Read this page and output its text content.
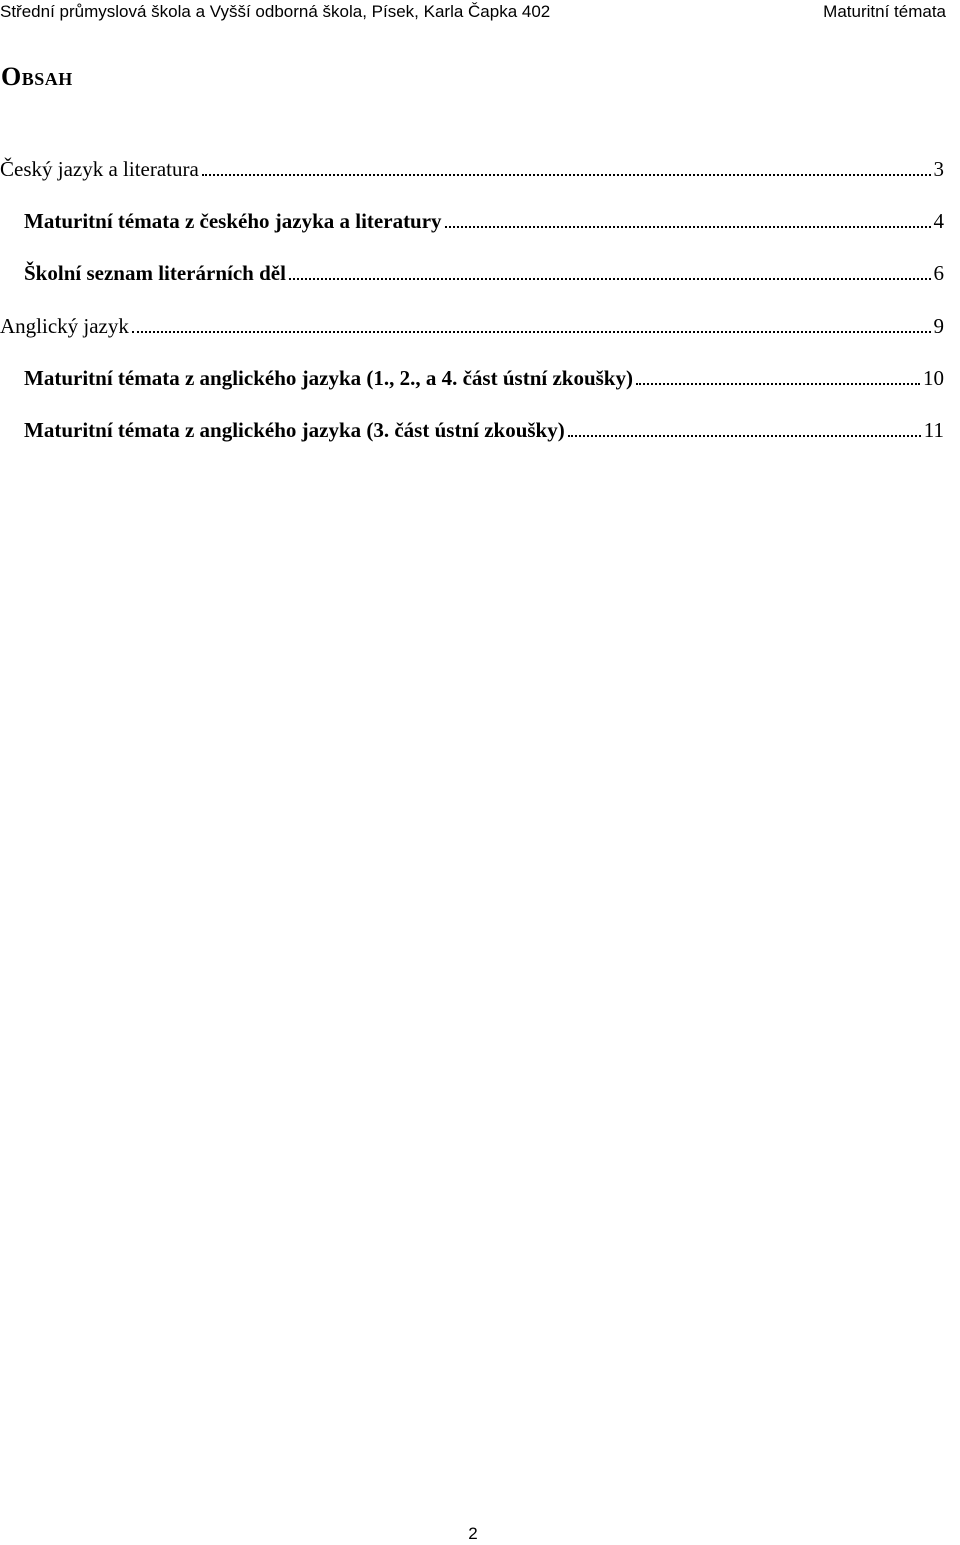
Střední průmyslová škola a Vyšší odborná škola, Písek, Karla Čapka 402	Maturitní témata
Obsah
Český jazyk a literatura	3
Maturitní témata z českého jazyka a literatury	4
Školní seznam literárních děl	6
Anglický jazyk	9
Maturitní témata z anglického jazyka (1., 2., a 4. část ústní zkoušky)	10
Maturitní témata z anglického jazyka (3. část ústní zkoušky)	11
2
